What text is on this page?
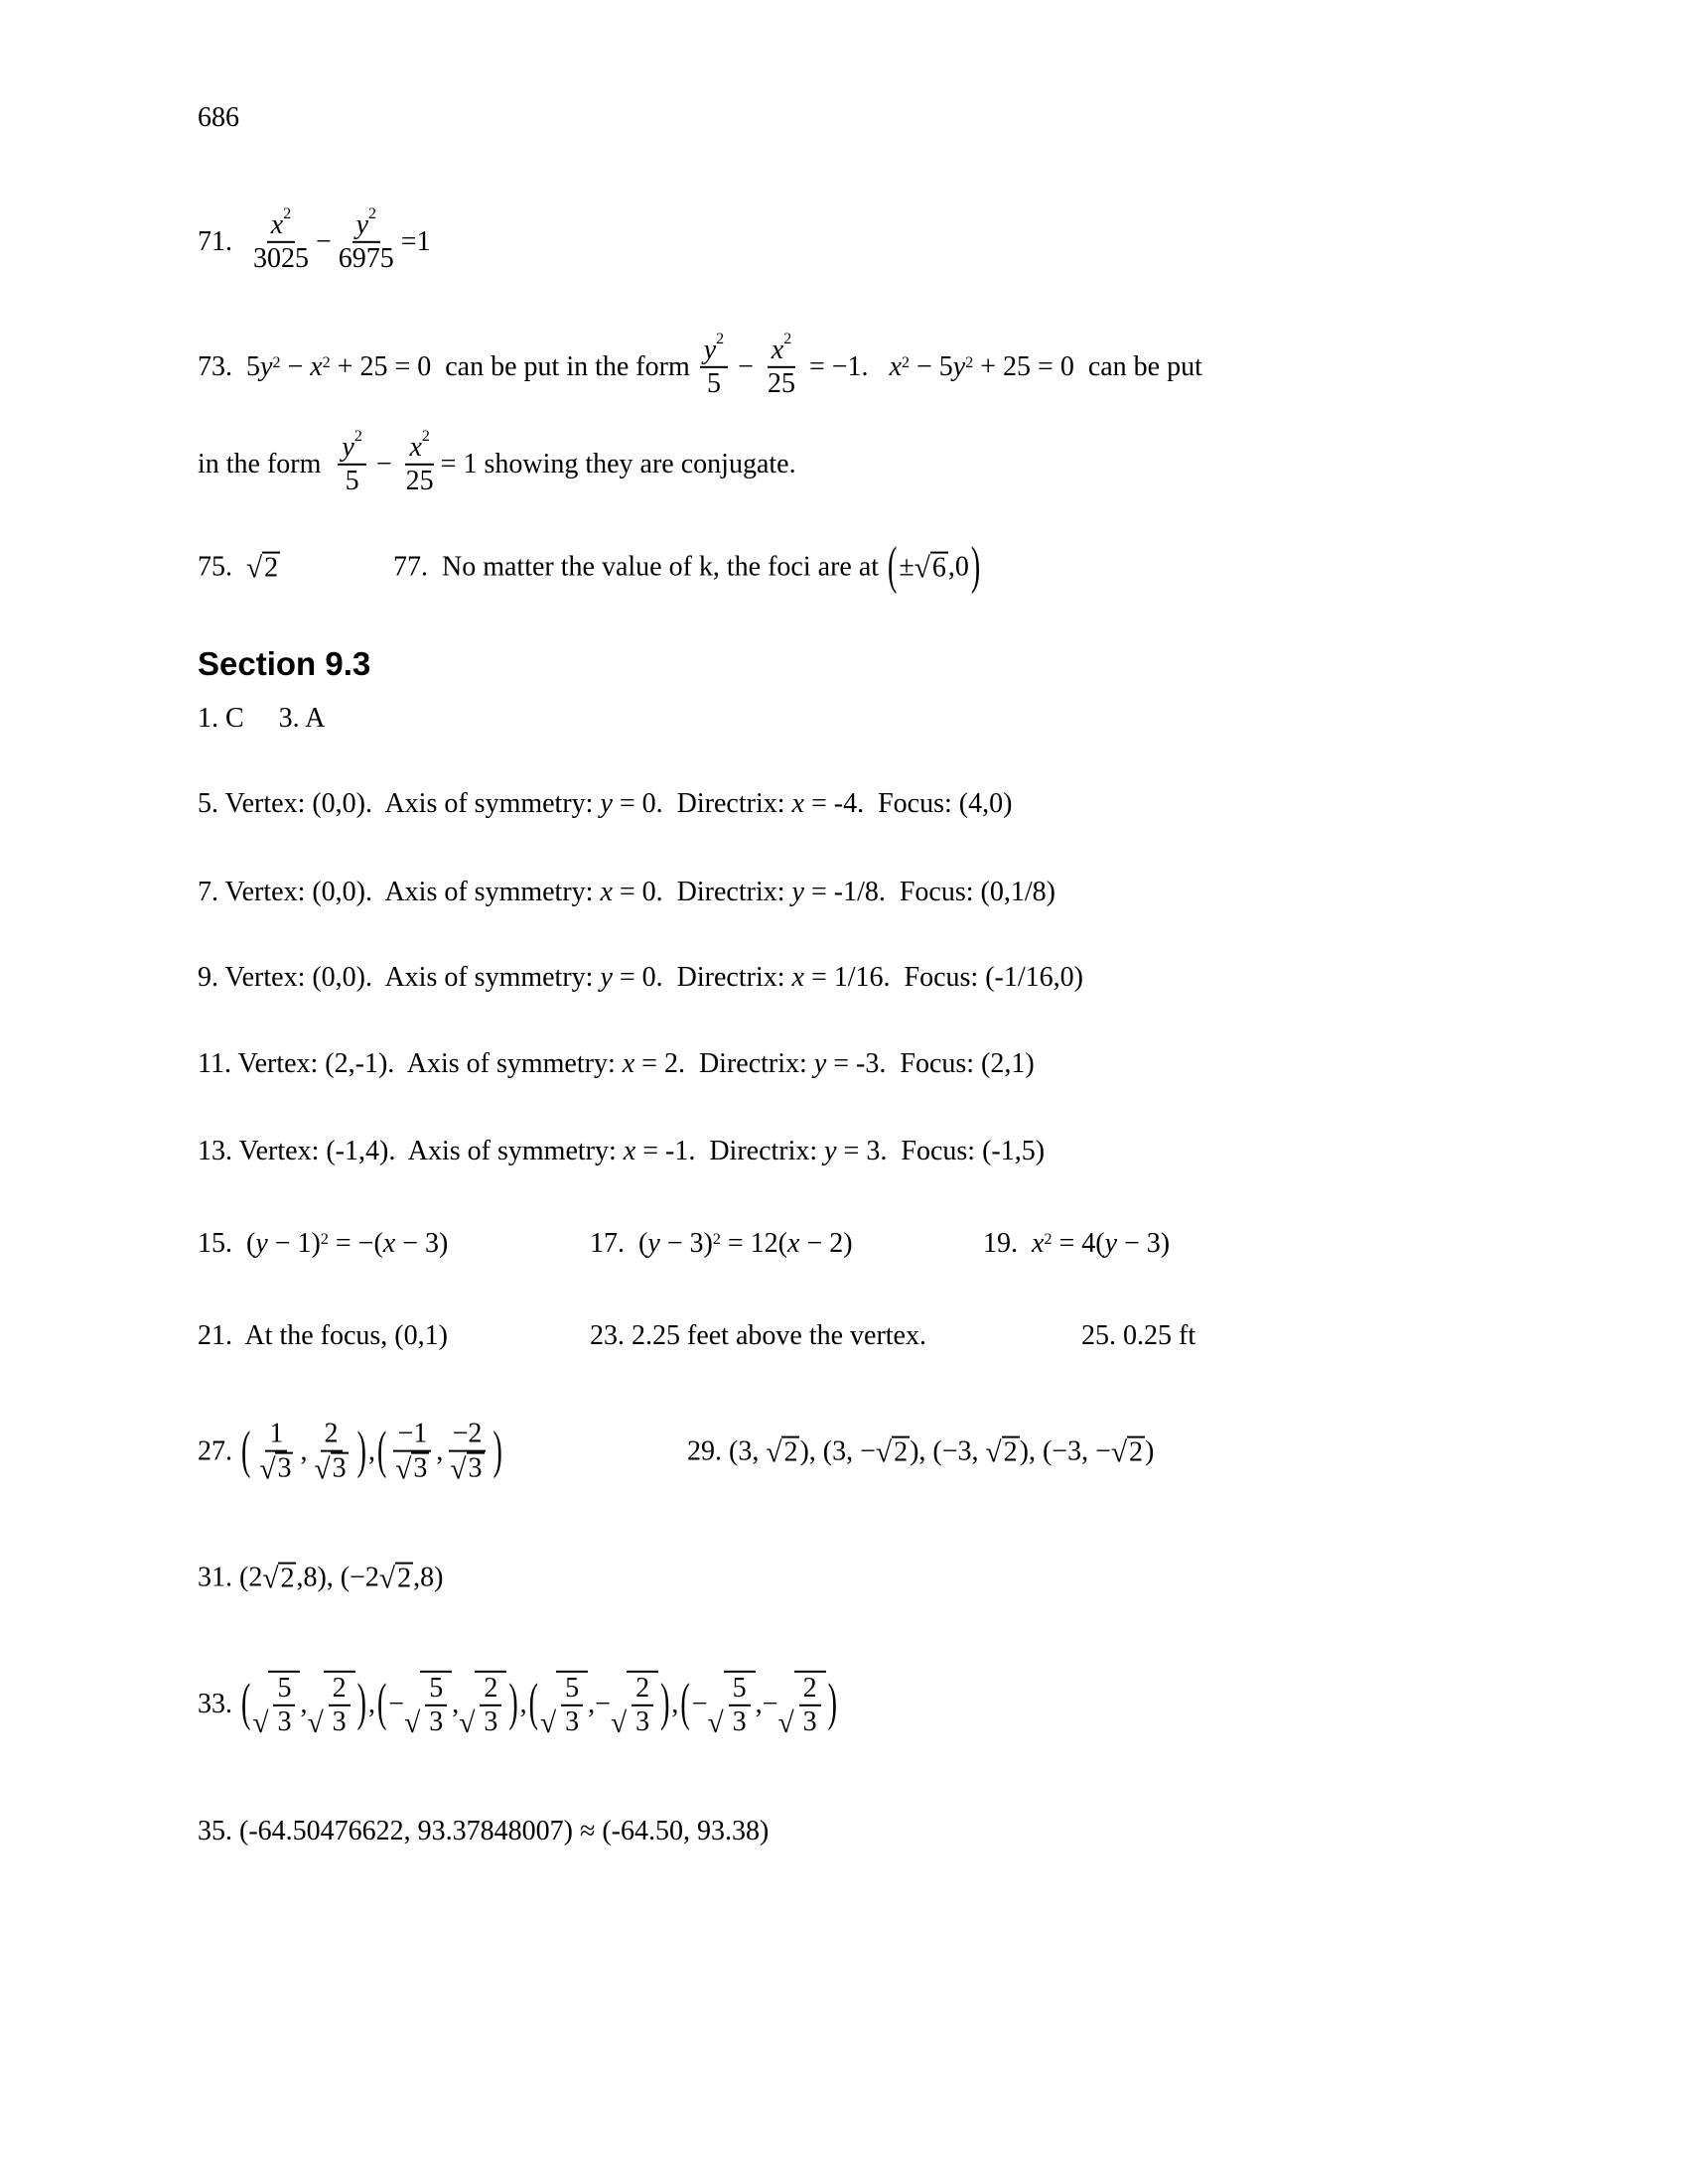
686
71. $\frac{x^2}{3025} - \frac{y^2}{6975} =1$
73.  5 $y^2 - x^2 + 25 = 0$  can be put in the form $\frac{y^2}{5} - \frac{x^2}{25} = -1$. $x^2 - 5$ $y^2 + 25 = 0$  can be put
in the form $\frac{y^2}{5} - \frac{x^2}{25} = 1$ showing they are conjugate.
75. √ 2	77.  No matter the value of k, the foci are at ( ± √ 6 ,0 )
Section 9.3
1. C     3. A
5. Vertex: (0,0).  Axis of symmetry: y = 0.  Directrix: x = -4.  Focus: (4,0)
7. Vertex: (0,0).  Axis of symmetry: x = 0.  Directrix: y = -1/8.  Focus: (0,1/8)
9. Vertex: (0,0).  Axis of symmetry: y = 0.  Directrix: x = 1/16.  Focus: (-1/16,0)
11. Vertex: (2,-1).  Axis of symmetry: x = 2.  Directrix: y = -3.  Focus: (2,1)
13. Vertex: (-1,4).  Axis of symmetry: x = -1.  Directrix: y = 3.  Focus: (-1,5)
15.  ( y − 1)$^2$ = −( x − 3)	17.  ( y − 3)$^2$ = 12( x − 2)	19. $x^2 = 4$( y − 3)
21.  At the focus, (0,1)	23. 2.25 feet above the vertex.	25. 0.25 ft
27. ( $\frac{1}{√ 3}$ , $\frac{2}{√ 3}$ ) , ( $\frac{-1}{√ 3}$ , $\frac{-2}{√ 3}$ )	29. (3, √ 2 ), (3, − √ 2 ), (−3, √ 2 ), (−3, − √ 2 )
31. (2 √ 2 ,8), (−2 √ 2 ,8)
33. ( √ $\frac{5}{3}$ ,
√ $\frac{2}{3}$ ) , ( −
√ $\frac{5}{3}$ ,
√ $\frac{2}{3}$ ) , ( √ $\frac{5}{3}$ ,−
√ $\frac{2}{3}$ ) , ( −
√ $\frac{5}{3}$ ,−
√ $\frac{2}{3}$ )
35. (-64.50476622, 93.37848007) ≈ (-64.50, 93.38)
